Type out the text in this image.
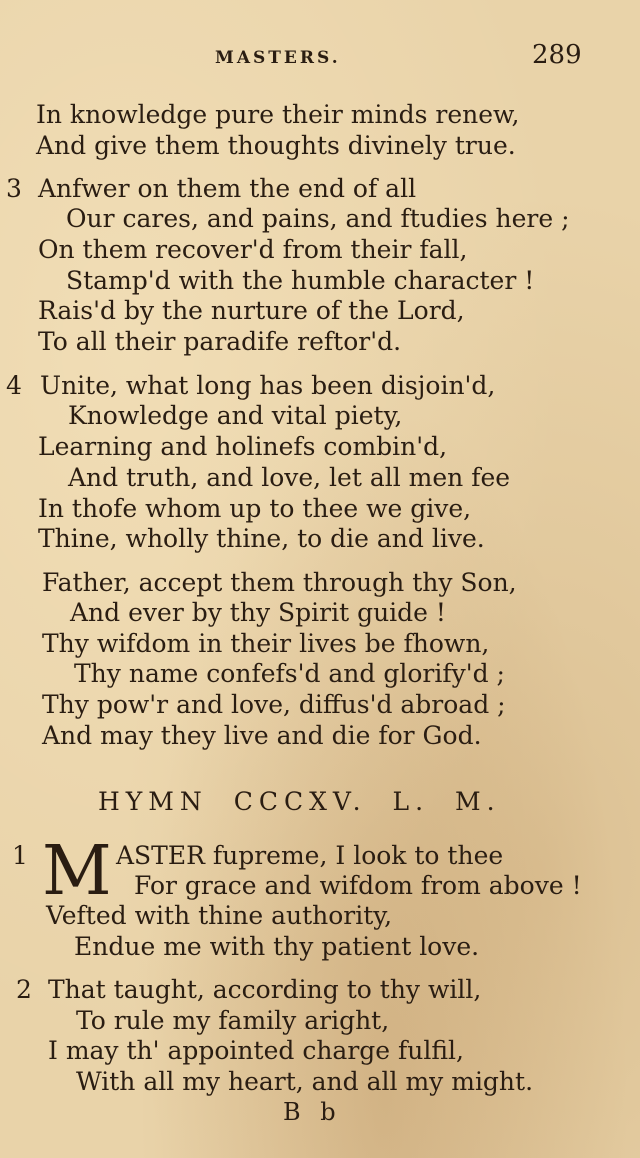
MASTERS.	289
In knowledge pure their minds renew,
And give them thoughts divinely true.
3 Anfwer on them the end of all
Our cares, and pains, and ftudies here ;
On them recover'd from their fall,
Stamp'd with the humble character !
Rais'd by the nurture of the Lord,
To all their paradife reftor'd.
4 Unite, what long has been disjoin'd,
Knowledge and vital piety,
Learning and holinefs combin'd,
And truth, and love, let all men fee
In thofe whom up to thee we give,
Thine, wholly thine, to die and live.
Father, accept them through thy Son,
And ever by thy Spirit guide !
Thy wifdom in their lives be fhown,
Thy name confefs'd and glorify'd ;
Thy pow'r and love, diffus'd abroad ;
And may they live and die for God.
HYMN CCCXV. L. M.
1 M ASTER fupreme, I look to thee
For grace and wifdom from above !
Vefted with thine authority,
Endue me with thy patient love.
2 That taught, according to thy will,
To rule my family aright,
I may th' appointed charge fulfil,
With all my heart, and all my might.
B b
